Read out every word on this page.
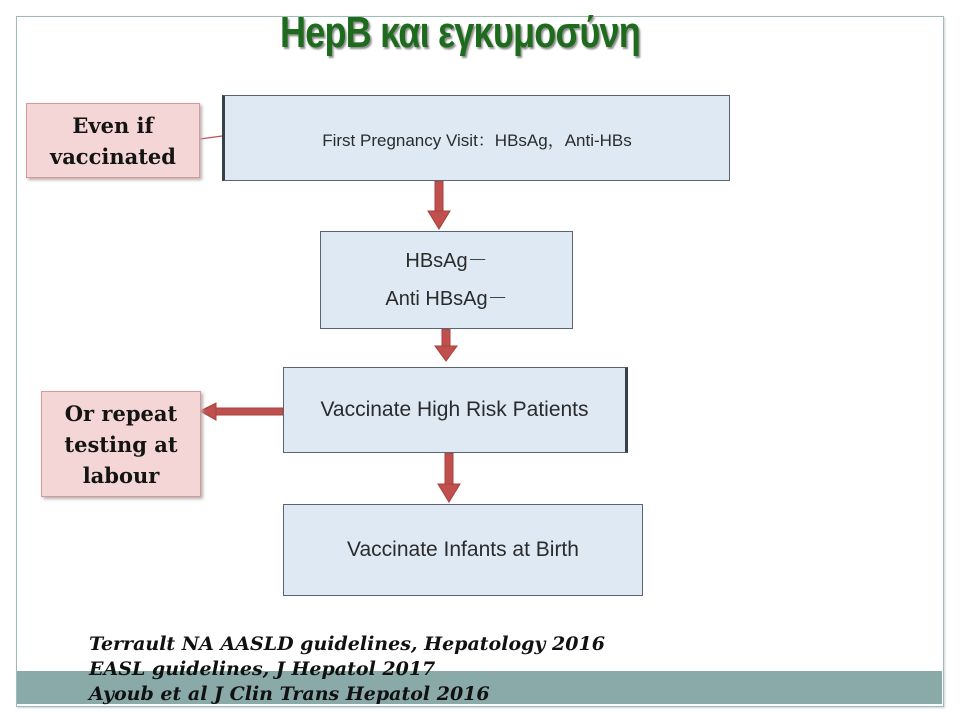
HepB και εγκυμοσύνη
First Pregnancy Visit：HBsAg，Anti-HBs
HBsAg－
Anti HBsAg－
Vaccinate High Risk Patients
Vaccinate Infants at Birth
Even if
vaccinated
Or repeat
testing at
labour
Terrault NA AASLD guidelines, Hepatology 2016
EASL guidelines, J Hepatol 2017
Ayoub et al J Clin Trans Hepatol 2016
